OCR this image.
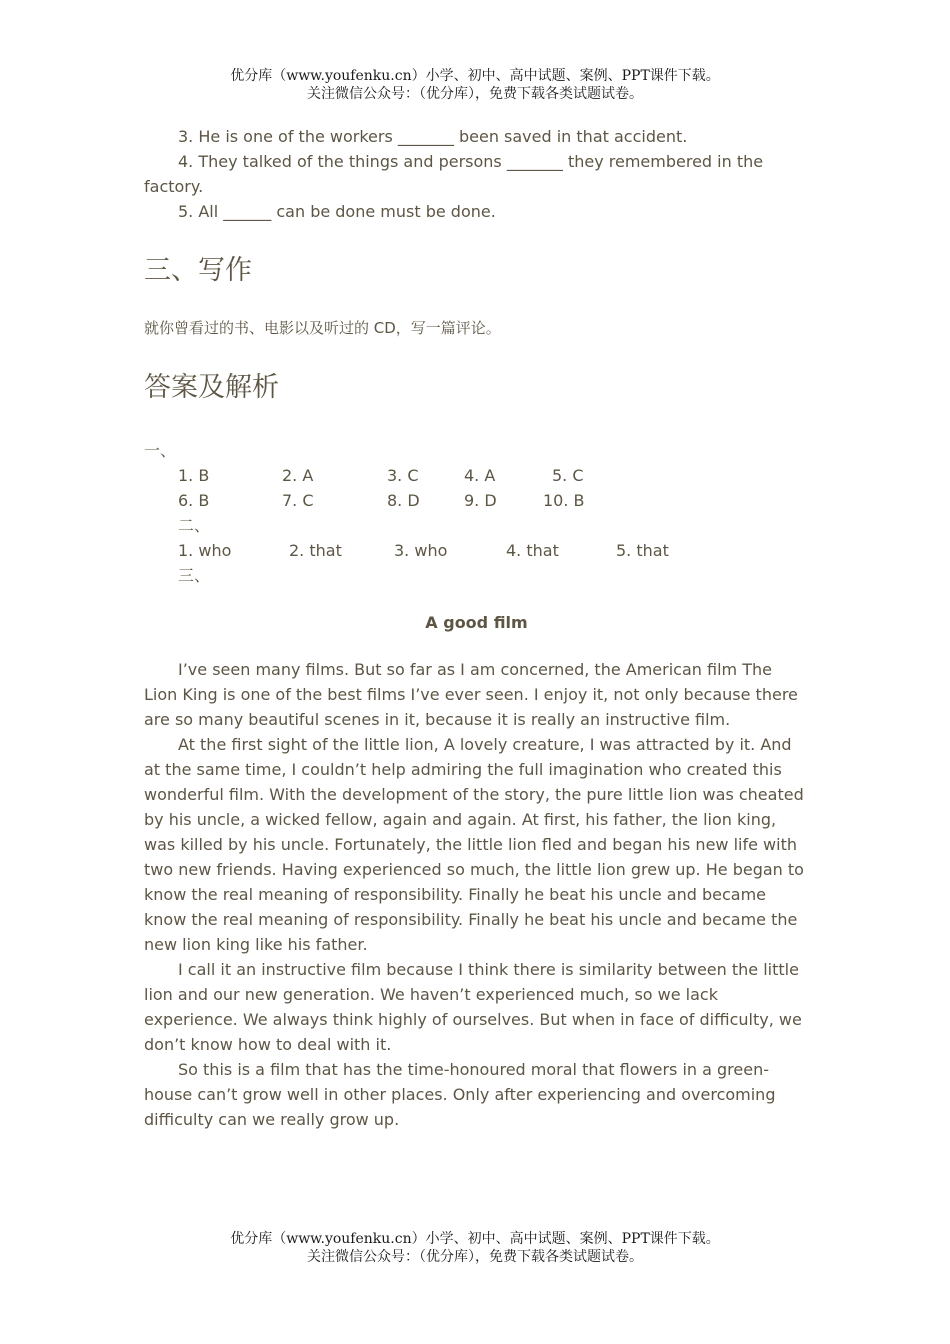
优分库（www.youfenku.cn）小学、初中、高中试题、案例、PPT课件下载。
关注微信公众号：（优分库），免费下载各类试题试卷。

3. He is one of the workers _______ been saved in that accident.

4. They talked of the things and persons _______ they remembered in the factory.

5. All ______ can be done must be done.

三、写作

就你曾看过的书、电影以及听过的 CD，写一篇评论。

答案及解析

一、

1. B	2. A	3. C	4. A	5. C
6. B	7. C	8. D	9. D	10. B

二、

1. who	2. that	3. who	4. that	5. that

三、

A good film

I’ve seen many films. But so far as I am concerned, the American film The Lion King is one of the best films I’ve ever seen. I enjoy it, not only because there are so many beautiful scenes in it, because it is really an instructive film.

At the first sight of the little lion, A lovely creature, I was attracted by it. And at the same time, I couldn’t help admiring the full imagination who created this wonderful film. With the development of the story, the pure little lion was cheated by his uncle, a wicked fellow, again and again. At first, his father, the lion king, was killed by his uncle. Fortunately, the little lion fled and began his new life with two new friends. Having experienced so much, the little lion grew up. He began to know the real meaning of responsibility. Finally he beat his uncle and became know the real meaning of responsibility. Finally he beat his uncle and became the new lion king like his father.

I call it an instructive film because I think there is similarity between the little lion and our new generation. We haven’t experienced much, so we lack experience. We always think highly of ourselves. But when in face of difficulty, we don’t know how to deal with it.

So this is a film that has the time-honoured moral that flowers in a green-house can’t grow well in other places. Only after experiencing and overcoming difficulty can we really grow up.

优分库（www.youfenku.cn）小学、初中、高中试题、案例、PPT课件下载。
关注微信公众号：（优分库），免费下载各类试题试卷。
